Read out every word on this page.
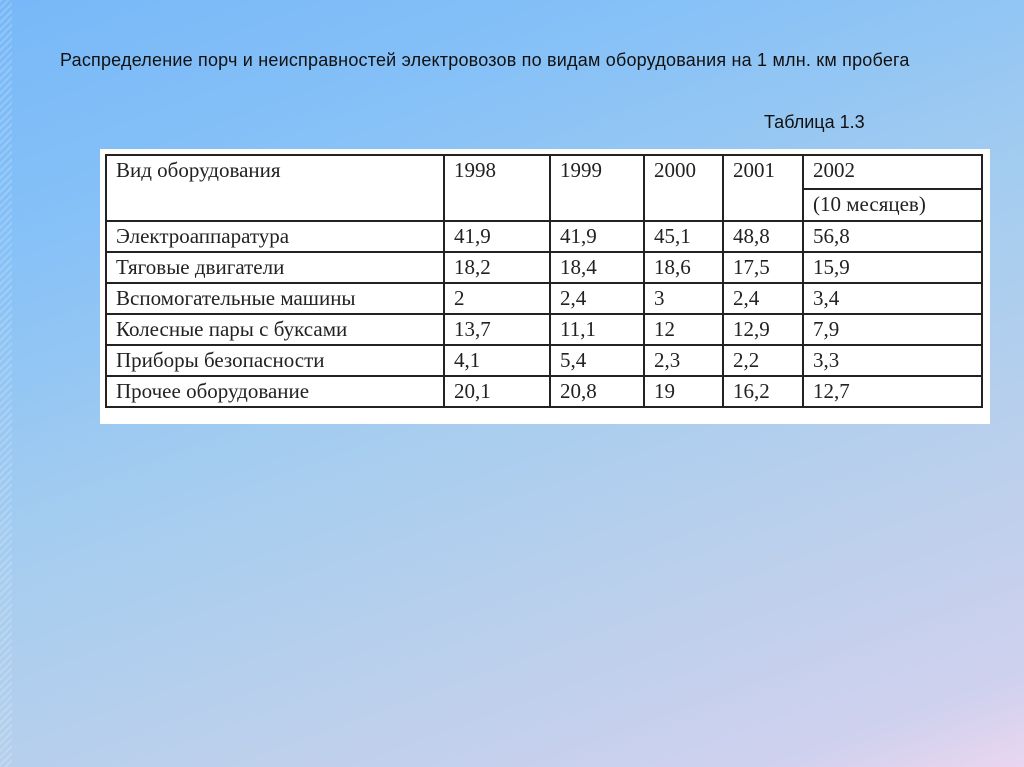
Распределение порч и неисправностей электровозов по видам оборудования на 1 млн. км пробега

Таблица 1.3

Вид оборудования	1998	1999	2000	2001	2002
(10 месяцев)

Электроаппаратура	41,9	41,9	45,1	48,8	56,8
Тяговые двигатели	18,2	18,4	18,6	17,5	15,9
Вспомогательные машины	2	2,4	3	2,4	3,4
Колесные пары с буксами	13,7	11,1	12	12,9	7,9
Приборы безопасности	4,1	5,4	2,3	2,2	3,3
Прочее оборудование	20,1	20,8	19	16,2	12,7
